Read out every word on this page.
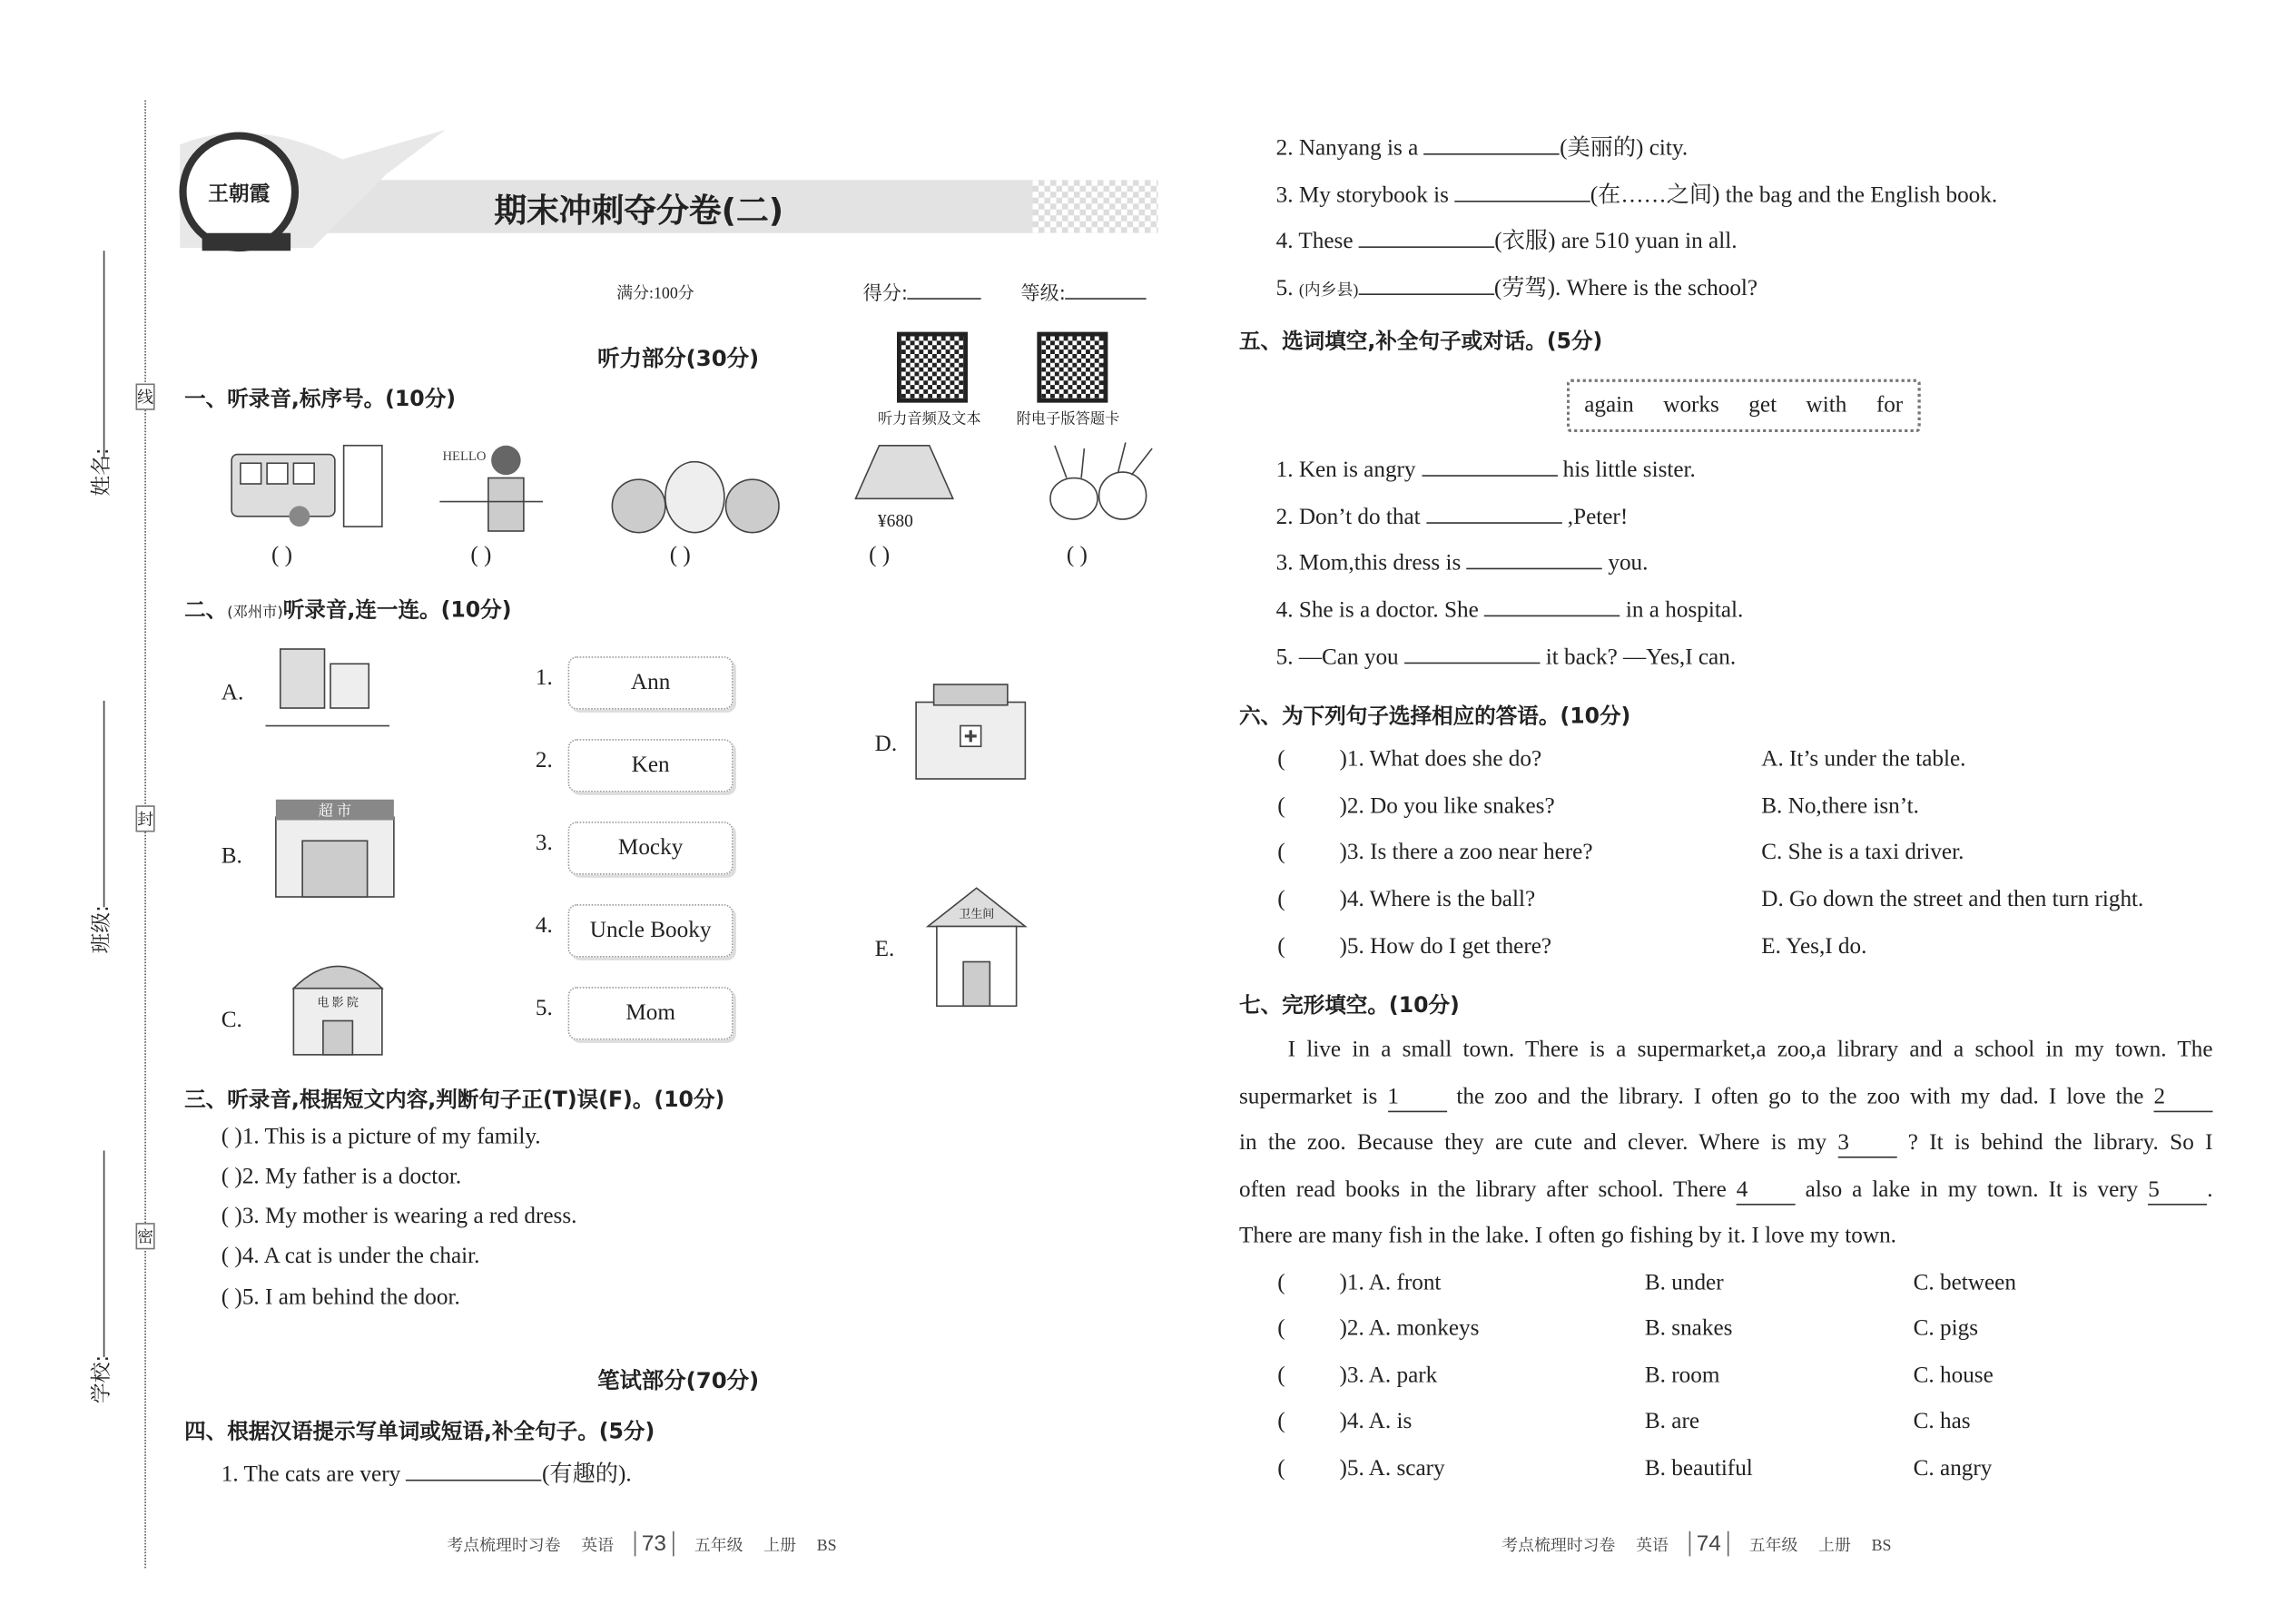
姓名:
班级:
学校:
线
封
密
王朝霞	期末冲刺夺分卷(二)
满分:100分	得分:	等级:
听力部分(30分)
听力音频及文本	附电子版答题卡
一、听录音,标序号。(10分)
HELLO
¥680
( )	( )	( )	( )	( )
二、(邓州市)听录音,连一连。(10分)
A.
B.
C.
D.
E.
超 市
电 影 院
卫生间
1.
2.
3.
4.
5.
Ann
Ken
Mocky
Uncle Booky
Mom
三、听录音,根据短文内容,判断句子正(T)误(F)。(10分)
( )1. This is a picture of my family.
( )2. My father is a doctor.
( )3. My mother is wearing a red dress.
( )4. A cat is under the chair.
( )5. I am behind the door.
笔试部分(70分)
四、根据汉语提示写单词或短语,补全句子。(5分)
1. The cats are very	(有趣的).
考点梳理时习卷 英语 73	五年级 上册 BS
2. Nanyang is a	(美丽的) city.
3. My storybook is	(在……之间) the bag and the English book.
4. These	(衣服) are 510 yuan in all.
5. (内乡县)	(劳驾). Where is the school?
五、选词填空,补全句子或对话。(5分)
again works get with for
1. Ken is angry	his little sister.
2. Don’t do that	,Peter!
3. Mom,this dress is	you.
4. She is a doctor. She	in a hospital.
5. —Can you	it back? —Yes,I can.
六、为下列句子选择相应的答语。(10分)
(	)1. What does she do?	A. It’s under the table.
(	)2. Do you like snakes?	B. No,there isn’t.
(	)3. Is there a zoo near here?	C. She is a taxi driver.
(	)4. Where is the ball?	D. Go down the street and then turn right.
(	)5. How do I get there?	E. Yes,I do.
七、完形填空。(10分)
I live in a small town. There is a supermarket,a zoo,a library and a school in my town. The
supermarket is 1	the zoo and the library. I often go to the zoo with my dad. I love the 2
in the zoo. Because they are cute and clever. Where is my 3	? It is behind the library. So I
often read books in the library after school. There 4	also a lake in my town. It is very 5	.
There are many fish in the lake. I often go fishing by it. I love my town.
(	)1. A. front	B. under	C. between
(	)2. A. monkeys	B. snakes	C. pigs
(	)3. A. park	B. room	C. house
(	)4. A. is	B. are	C. has
(	)5. A. scary	B. beautiful	C. angry
考点梳理时习卷 英语 74	五年级 上册 BS
